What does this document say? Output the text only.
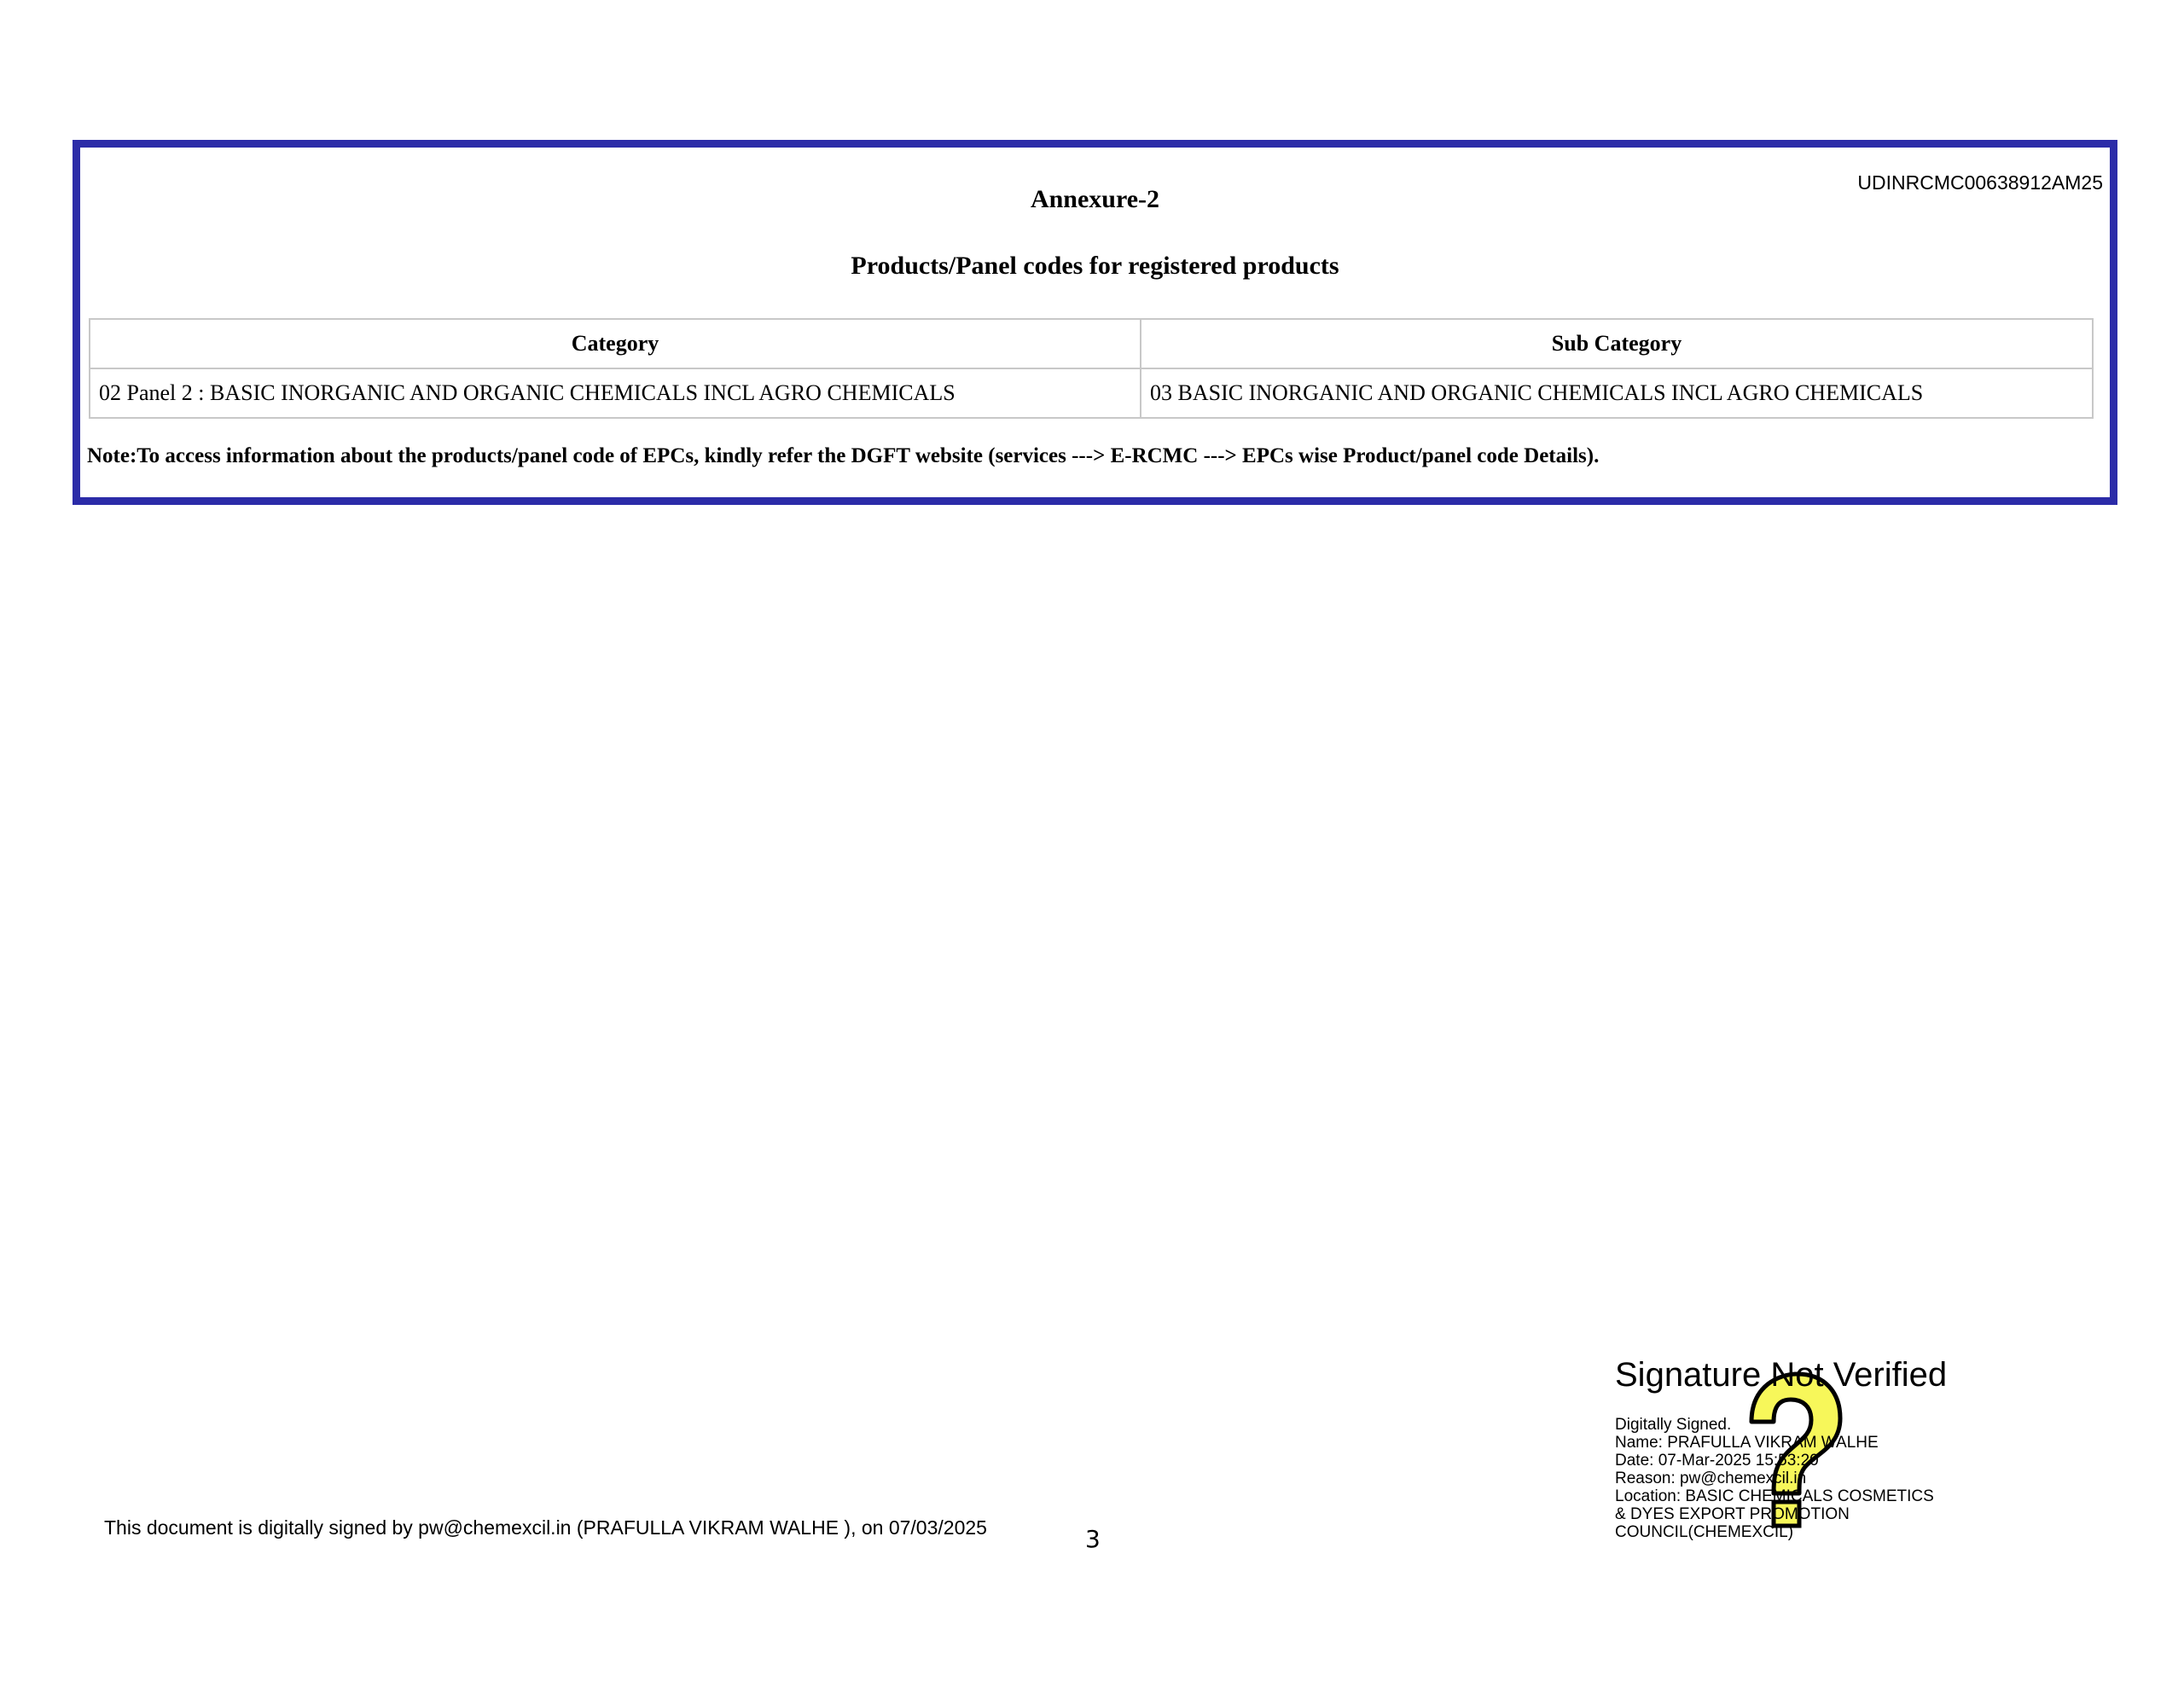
UDINRCMC00638912AM25
Annexure-2
Products/Panel codes for registered products
Category	Sub Category
02 Panel 2 : BASIC INORGANIC AND ORGANIC CHEMICALS INCL AGRO CHEMICALS	03 BASIC INORGANIC AND ORGANIC CHEMICALS INCL AGRO CHEMICALS
Note:To access information about the products/panel code of EPCs, kindly refer the DGFT website (services ---> E-RCMC ---> EPCs wise Product/panel code Details).
This document is digitally signed by pw@chemexcil.in (PRAFULLA VIKRAM WALHE ), on 07/03/2025	3
Signature Not Verified
Digitally Signed.
Name: PRAFULLA VIKRAM WALHE
Date: 07-Mar-2025 15:53:20
Reason: pw@chemexcil.in
Location: BASIC CHEMICALS COSMETICS
& DYES EXPORT PROMOTION
COUNCIL(CHEMEXCIL)
